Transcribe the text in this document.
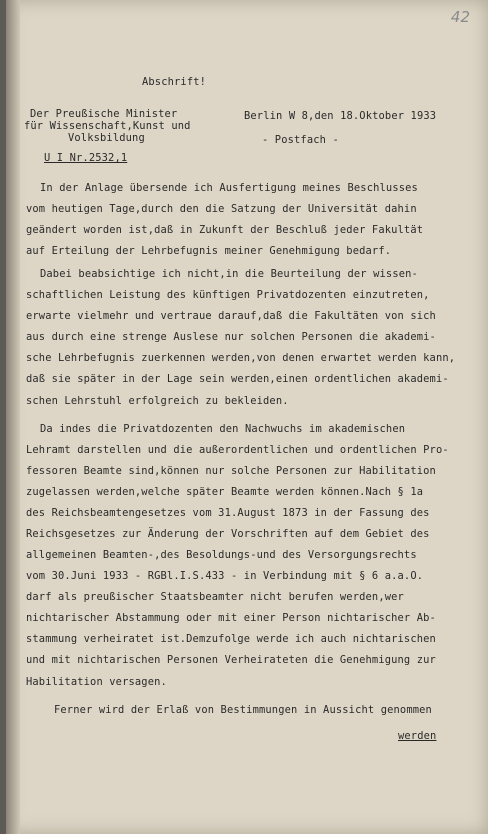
42
Abschrift!
Der Preußische Minister
für Wissenschaft,Kunst und
Volksbildung
Berlin W 8,den 18.Oktober 1933
- Postfach -
U I Nr.2532,1
In der Anlage übersende ich Ausfertigung meines Beschlusses
vom heutigen Tage,durch den die Satzung der Universität dahin
geändert worden ist,daß in Zukunft der Beschluß jeder Fakultät
auf Erteilung der Lehrbefugnis meiner Genehmigung bedarf.
Dabei beabsichtige ich nicht,in die Beurteilung der wissen-
schaftlichen Leistung des künftigen Privatdozenten einzutreten,
erwarte vielmehr und vertraue darauf,daß die Fakultäten von sich
aus durch eine strenge Auslese nur solchen Personen die akademi-
sche Lehrbefugnis zuerkennen werden,von denen erwartet werden kann,
daß sie später in der Lage sein werden,einen ordentlichen akademi-
schen Lehrstuhl erfolgreich zu bekleiden.
Da indes die Privatdozenten den Nachwuchs im akademischen
Lehramt darstellen und die außerordentlichen und ordentlichen Pro-
fessoren Beamte sind,können nur solche Personen zur Habilitation
zugelassen werden,welche später Beamte werden können.Nach § 1a
des Reichsbeamtengesetzes vom 31.August 1873 in der Fassung des
Reichsgesetzes zur Änderung der Vorschriften auf dem Gebiet des
allgemeinen Beamten-,des Besoldungs-und des Versorgungsrechts
vom 30.Juni 1933 - RGBl.I.S.433 - in Verbindung mit § 6 a.a.O.
darf als preußischer Staatsbeamter nicht berufen werden,wer
nichtarischer Abstammung oder mit einer Person nichtarischer Ab-
stammung verheiratet ist.Demzufolge werde ich auch nichtarischen
und mit nichtarischen Personen Verheirateten die Genehmigung zur
Habilitation versagen.
Ferner wird der Erlaß von Bestimmungen in Aussicht genommen
werden
